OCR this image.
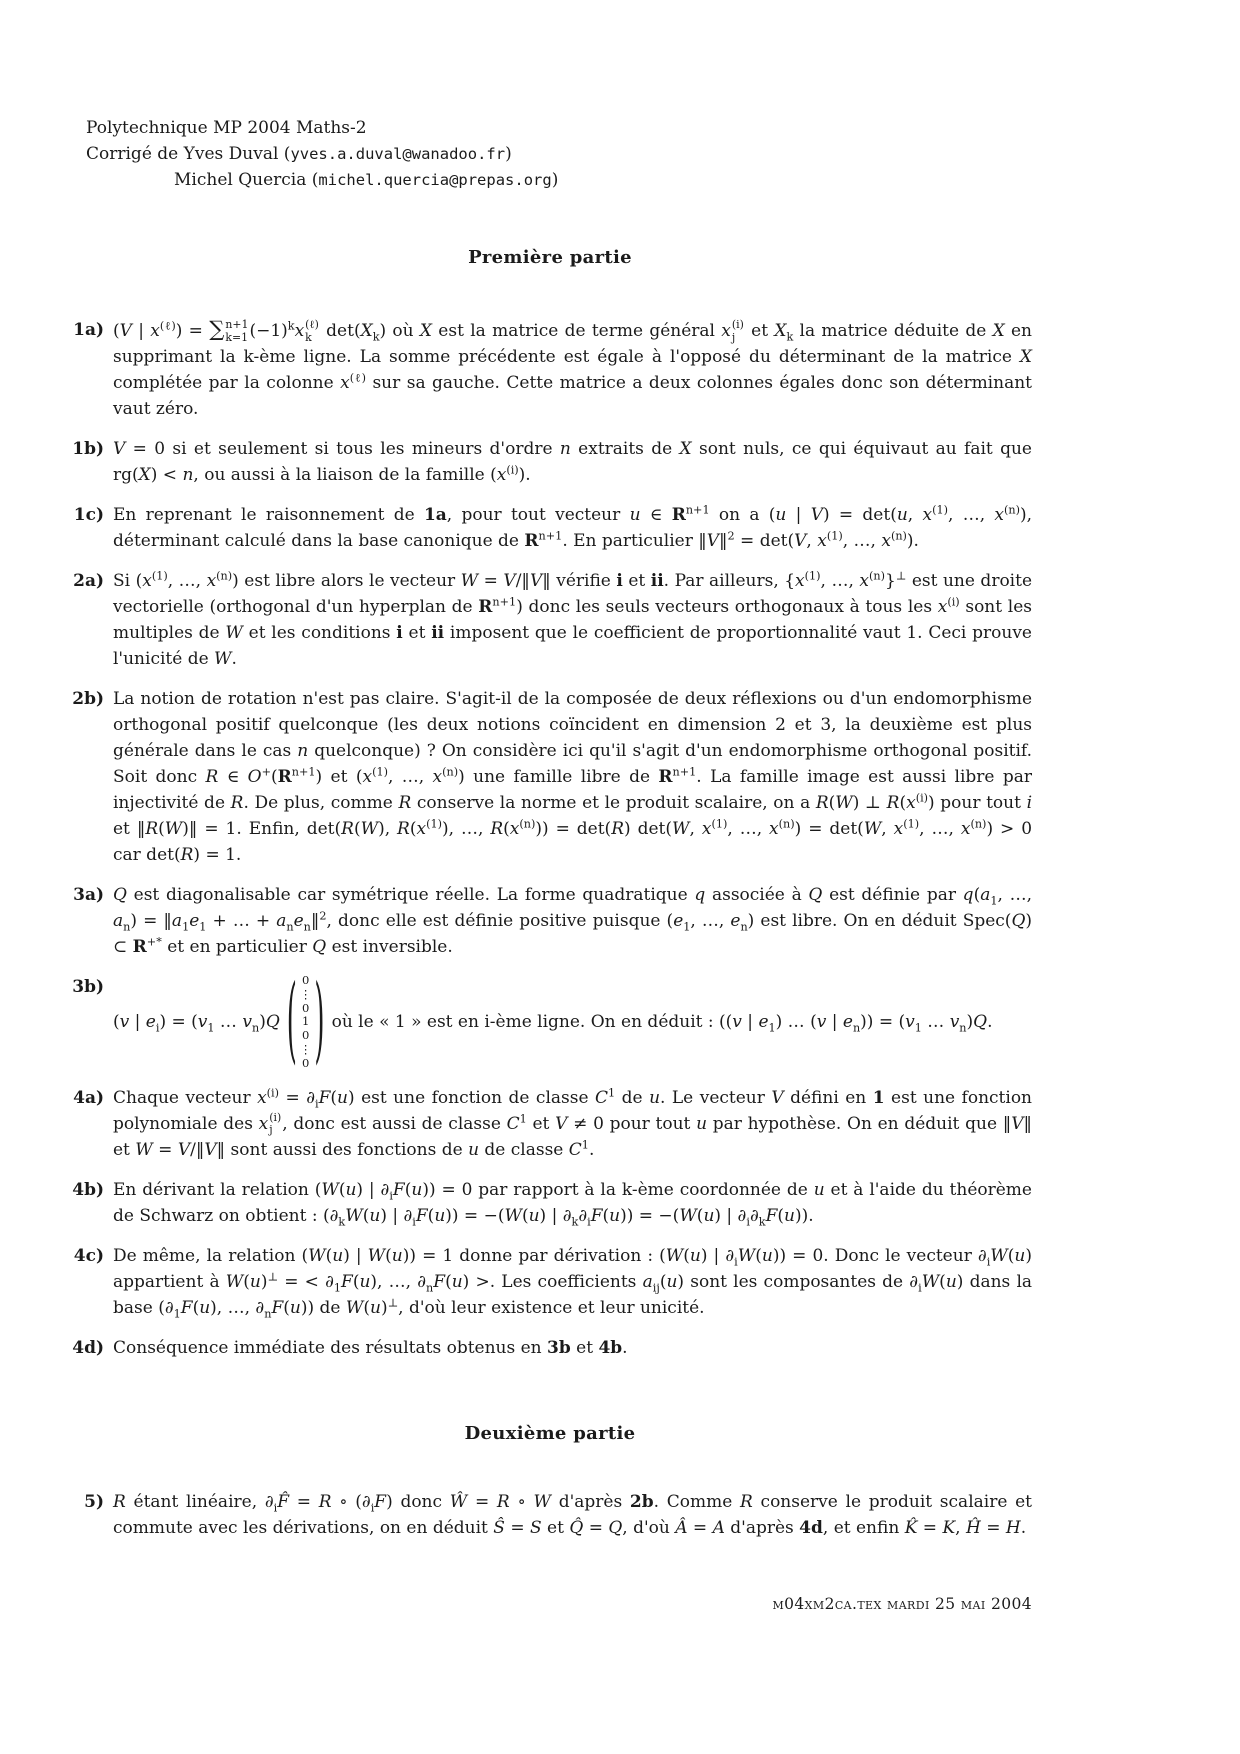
Polytechnique MP 2004 Maths-2
Corrigé de Yves Duval (yves.a.duval@wanadoo.fr)
Michel Quercia (michel.quercia@prepas.org)
Première partie
1a) (V | $x^{(\ell)}$) = ∑ n+1
k=1 $(-1)^kx$ (ℓ)
k $\det(X_k)$ où X est la matrice de terme général x (i)
j et $X_k$ la matrice déduite de X en supprimant la k-ème ligne. La somme précédente est égale à l'opposé du déterminant de la matrice X complétée par la colonne $x^{(\ell)}$ sur sa gauche. Cette matrice a deux colonnes égales donc son déterminant vaut zéro.
1b) V = 0 si et seulement si tous les mineurs d'ordre n extraits de X sont nuls, ce qui équivaut au fait que rg(X) < n, ou aussi à la liaison de la famille $(x^{(i)})$.
1c) En reprenant le raisonnement de 1a, pour tout vecteur u ∈ $R^{n+1}$ on a (u | V) = det(u, $x^{(1)}$, …, $x^{(n)}$), déterminant calculé dans la base canonique de $R^{n+1}$. En particulier ‖V‖$^2$ = det(V, $x^{(1)}$, …, $x^{(n)}$).
2a) Si ($x^{(1)}$, …, $x^{(n)}$) est libre alors le vecteur W = V/‖V‖ vérifie i et ii. Par ailleurs, {$x^{(1)}$, …, $x^{(n)}\}^\perp$ est une droite vectorielle (orthogonal d'un hyperplan de $R^{n+1}$) donc les seuls vecteurs orthogonaux à tous les $x^{(i)}$ sont les multiples de W et les conditions i et ii imposent que le coefficient de proportionnalité vaut 1. Ceci prouve l'unicité de W.
2b) La notion de rotation n'est pas claire. S'agit-il de la composée de deux réflexions ou d'un endomorphisme orthogonal positif quelconque (les deux notions coïncident en dimension 2 et 3, la deuxième est plus générale dans le cas n quelconque) ? On considère ici qu'il s'agit d'un endomorphisme orthogonal positif. Soit donc R ∈ $O^+(R^{n+1})$ et ($x^{(1)}$, …, $x^{(n)}$) une famille libre de $R^{n+1}$. La famille image est aussi libre par injectivité de R. De plus, comme R conserve la norme et le produit scalaire, on a R(W) ⊥ $R(x^{(i)})$ pour tout i et ‖R(W)‖ = 1. Enfin, det(R(W), $R(x^{(1)})$, …, $R(x^{(n)})) = \det(R)$ det(W, $x^{(1)}$, …, $x^{(n)}) = \det(W$, $x^{(1)}$, …, $x^{(n)}) > 0$ car det(R) = 1.
3a) Q est diagonalisable car symétrique réelle. La forme quadratique q associée à Q est définie par $q(a_1$, …, $a_n$) = $‖a_1e_1$ + … + $a_ne_n‖^2$, donc elle est définie positive puisque ($e_1$, …, $e_n$) est libre. On en déduit Spec(Q) ⊂ R+* et en particulier Q est inversible.
3b)
(v | $e_i) = (v_1$ … $v_n)Q$ ( 0
⋮
0
1
0
⋮
0 ) où le « 1 » est en i-ème ligne. On en déduit : ((v | $e_1$) … (v | $e_n)) = (v_1$ … $v_n)Q$.
4a) Chaque vecteur $x^{(i)} = \partial_iF(u)$ est une fonction de classe $C^1$ de u. Le vecteur V défini en 1 est une fonction polynomiale des x (i)
j , donc est aussi de classe $C^1$ et V ≠ 0 pour tout u par hypothèse. On en déduit que ‖V‖ et W = V/‖V‖ sont aussi des fonctions de u de classe $C^1$.
4b) En dérivant la relation (W(u) | $\partial_iF(u)) = 0$ par rapport à la k-ème coordonnée de u et à l'aide du théorème de Schwarz on obtient : ($\partial_kW(u)$ | $\partial_iF(u)) = -(W(u)$ | $\partial_k\partial_iF(u)) = -(W(u)$ | $\partial_i\partial_kF(u)$).
4c) De même, la relation (W(u) | W(u)) = 1 donne par dérivation : (W(u) | $\partial_iW(u)) = 0$. Donc le vecteur $\partial_iW(u)$ appartient à W(u)⊥ = < $\partial_1F(u)$, …, $\partial_nF(u)$ >. Les coefficients $a_{ij}(u)$ sont les composantes de $\partial_iW(u)$ dans la base ($\partial_1F(u)$, …, $\partial_nF(u)$) de W(u)⊥, d'où leur existence et leur unicité.
4d) Conséquence immédiate des résultats obtenus en 3b et 4b.
Deuxième partie
5) R étant linéaire, $\partial_iF̂ = R$ ∘ $(\partial_iF)$ donc Ŵ = R ∘ W d'après 2b. Comme R conserve le produit scalaire et commute avec les dérivations, on en déduit Ŝ = S et Q̂ = Q, d'où Â = A d'après 4d, et enfin K̂ = K, Ĥ = H.
m04xm2ca.tex mardi 25 mai 2004
